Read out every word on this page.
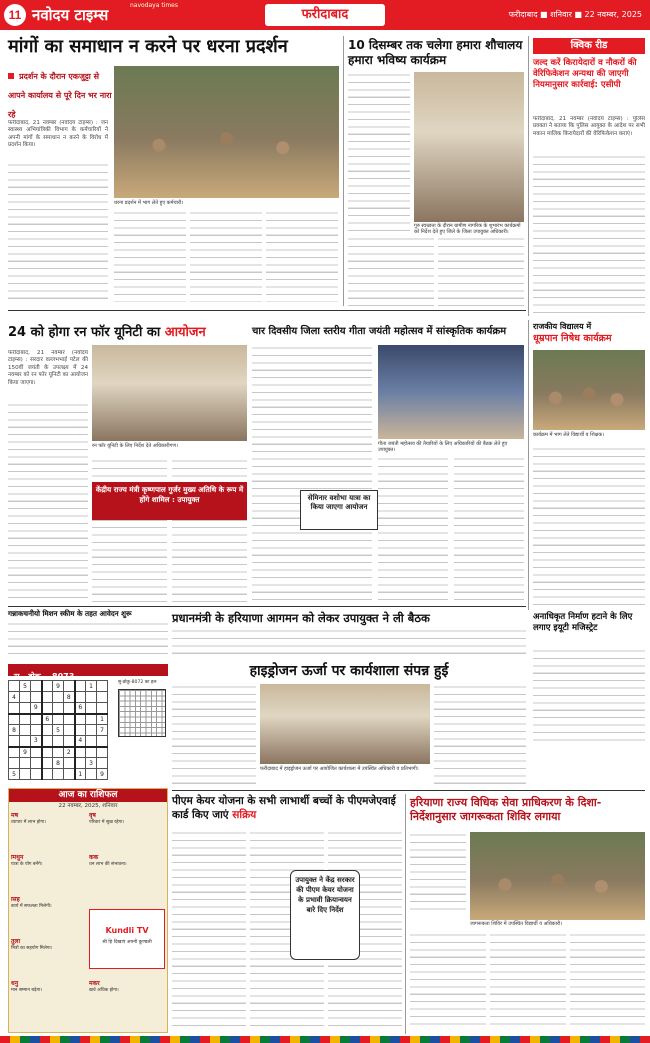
11 नवोदय टाइम्स
navodaya times
फरीदाबाद	फरीदाबाद ■ शनिवार ■ 22 नवम्बर, 2025
मांगों का समाधान न करने पर धरना प्रदर्शन
प्रदर्शन के दौरान एकजुट्टा से आपने कार्यालय से पूरे दिन भर नारा रहे

फरीदाबाद, 21 नवम्बर (नवोदय टाइम्स) : जन स्वास्थ्य अभियांत्रिकी विभाग के कर्मचारियों ने अपनी मांगों के समाधान न करने के विरोध में प्रदर्शन किया।

धरना प्रदर्शन में भाग लेते हुए कर्मचारी।

10 दिसम्बर तक चलेगा हमारा शौचालय हमारा भविष्य कार्यक्रम

गुरु स्वच्छता के दौरान ग्रामीण नागरिक के शुभारंभ कार्यक्रमों को निर्देश देते हुए जिले के जिला उपायुक्त अधिकारी।

क्विक रीड
जल्द करें किरायेदारों व नौकरों की वेरिफिकेशन अन्यथा की जाएगी नियमानुसार कार्रवाई: एसीपी

फरीदाबाद, 21 नवम्बर (नवोदय टाइम्स) : पुलिस प्रवक्ता ने बताया कि पुलिस आयुक्त के आदेश पर सभी मकान मालिक किरायेदारों की वेरिफिकेशन कराएं।

24 को होगा रन फॉर यूनिटी का आयोजन

फरीदाबाद, 21 नवम्बर (नवोदय टाइम्स) : सरदार वल्लभभाई पटेल की 150वीं जयंती के उपलक्ष्य में 24 नवम्बर को रन फॉर यूनिटी का आयोजन किया जाएगा।

रन फॉर यूनिटी के लिए निर्देश देते अधिकारीगण।

केंद्रीय राज्य मंत्री कृष्णपाल गुर्जर मुख्य अतिथि के रूप में होंगे शामिल : उपायुक्त
चार दिवसीय जिला स्तरीय गीता जयंती महोत्सव में सांस्कृतिक कार्यक्रम

गीता जयंती महोत्सव की तैयारियों के लिए अधिकारियों की बैठक लेते हुए उपायुक्त।

सेमिनार वशोभा यात्रा का किया जाएगा आयोजन
राजकीय विद्यालय में
धूम्रपान निषेध कार्यक्रम

कार्यक्रम में भाग लेते विद्यार्थी व शिक्षक।

गन्नाकचनीयो मिशन स्कीम के तहत आवेदन शुरू	प्रधानमंत्री के हरियाणा आगमन को लेकर उपायुक्त ने ली बैठक	अनाधिकृत निर्माण हटाने के लिए लगाए इयूटी मजिस्ट्रेट
सु - डोकू - 8073
	5			9			1	
4					8			
		9				6		
			6					1
8				5				7
		3				4		
	9				2			
				8			3	
5						1		9
सु-डोकू-8072 का हल
हाइड्रोजन ऊर्जा पर कार्यशाला संपन्न हुई

फरीदाबाद में हाइड्रोजन ऊर्जा पर आयोजित कार्यशाला में उपस्थित अधिकारी व प्रतिभागी।

आज का राशिफल
22 नवम्बर, 2025, शनिवार
मेष
व्यापार में लाभ होगा।
वृष
परिवार में सुख रहेगा।
मिथुन
यात्रा के योग बनेंगे।
कर्क
धन लाभ की संभावना।
सिंह
कार्य में सफलता मिलेगी।
तुला
मित्रों का सहयोग मिलेगा।
धनु
मान सम्मान बढ़ेगा।
मकर
खर्च अधिक होगा।
Kundli TV
श्री हि दिखाएं अपनी कुण्डली
पीएम केयर योजना के सभी लाभार्थी बच्चों के पीएमजेएवाई कार्ड किए जाएं सक्रिय
उपायुक्त ने केंद्र सरकार की पीएम केयर योजना के प्रभावी क्रियान्वयन बारे दिए निर्देश
हरियाणा राज्य विधिक सेवा प्राधिकरण के दिशा-निर्देशानुसार जागरूकता शिविर लगाया

जागरूकता शिविर में उपस्थित विद्यार्थी व अधिकारी।
